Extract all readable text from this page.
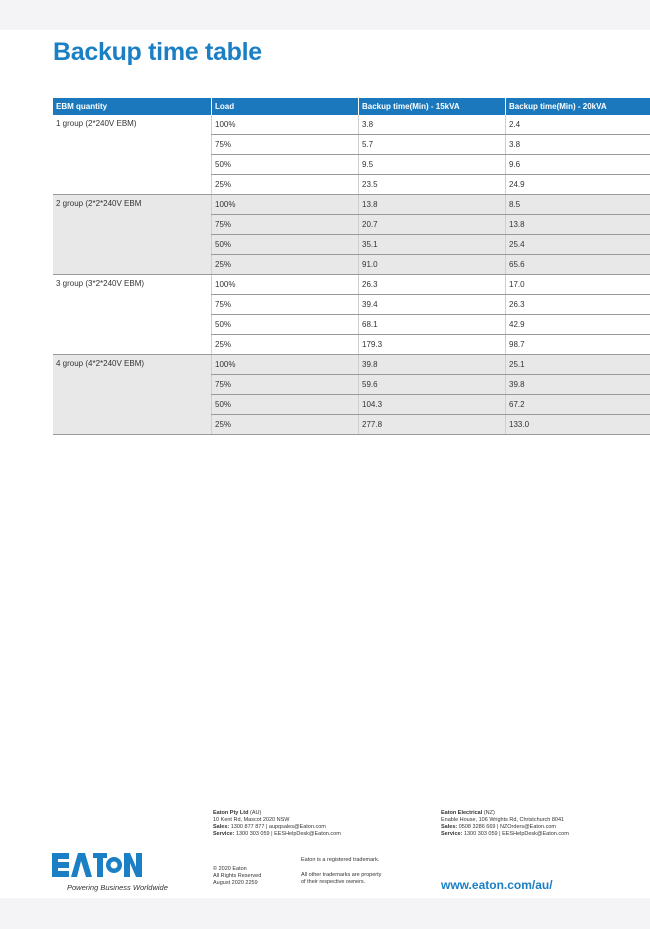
Backup time table
EBM quantity	Load	Backup time(Min) - 15kVA	Backup time(Min) - 20kVA
1 group (2*240V EBM)	100%	3.8	2.4
	75%	5.7	3.8
	50%	9.5	9.6
	25%	23.5	24.9
2 group (2*2*240V EBM	100%	13.8	8.5
	75%	20.7	13.8
	50%	35.1	25.4
	25%	91.0	65.6
3 group (3*2*240V EBM)	100%	26.3	17.0
	75%	39.4	26.3
	50%	68.1	42.9
	25%	179.3	98.7
4 group (4*2*240V EBM)	100%	39.8	25.1
	75%	59.6	39.8
	50%	104.3	67.2
	25%	277.8	133.0
Eaton Pty Ltd (AU)
10 Kent Rd, Mascot 2020 NSW
Sales: 1300 877 877 | aupqsales@Eaton.com
Service: 1300 303 059 | EESHelpDesk@Eaton.com
Eaton Electrical (NZ)
Enable House, 106 Wrights Rd, Christchurch 8041
Sales: 0508 3286 669 | NZOrders@Eaton.com
Service: 1300 303 059 | EESHelpDesk@Eaton.com
© 2020 Eaton
All Rights Reserved
August 2020 2259
Eaton is a registered trademark.
All other trademarks are property
of their respective owners.
Powering Business Worldwide	www.eaton.com/au/
